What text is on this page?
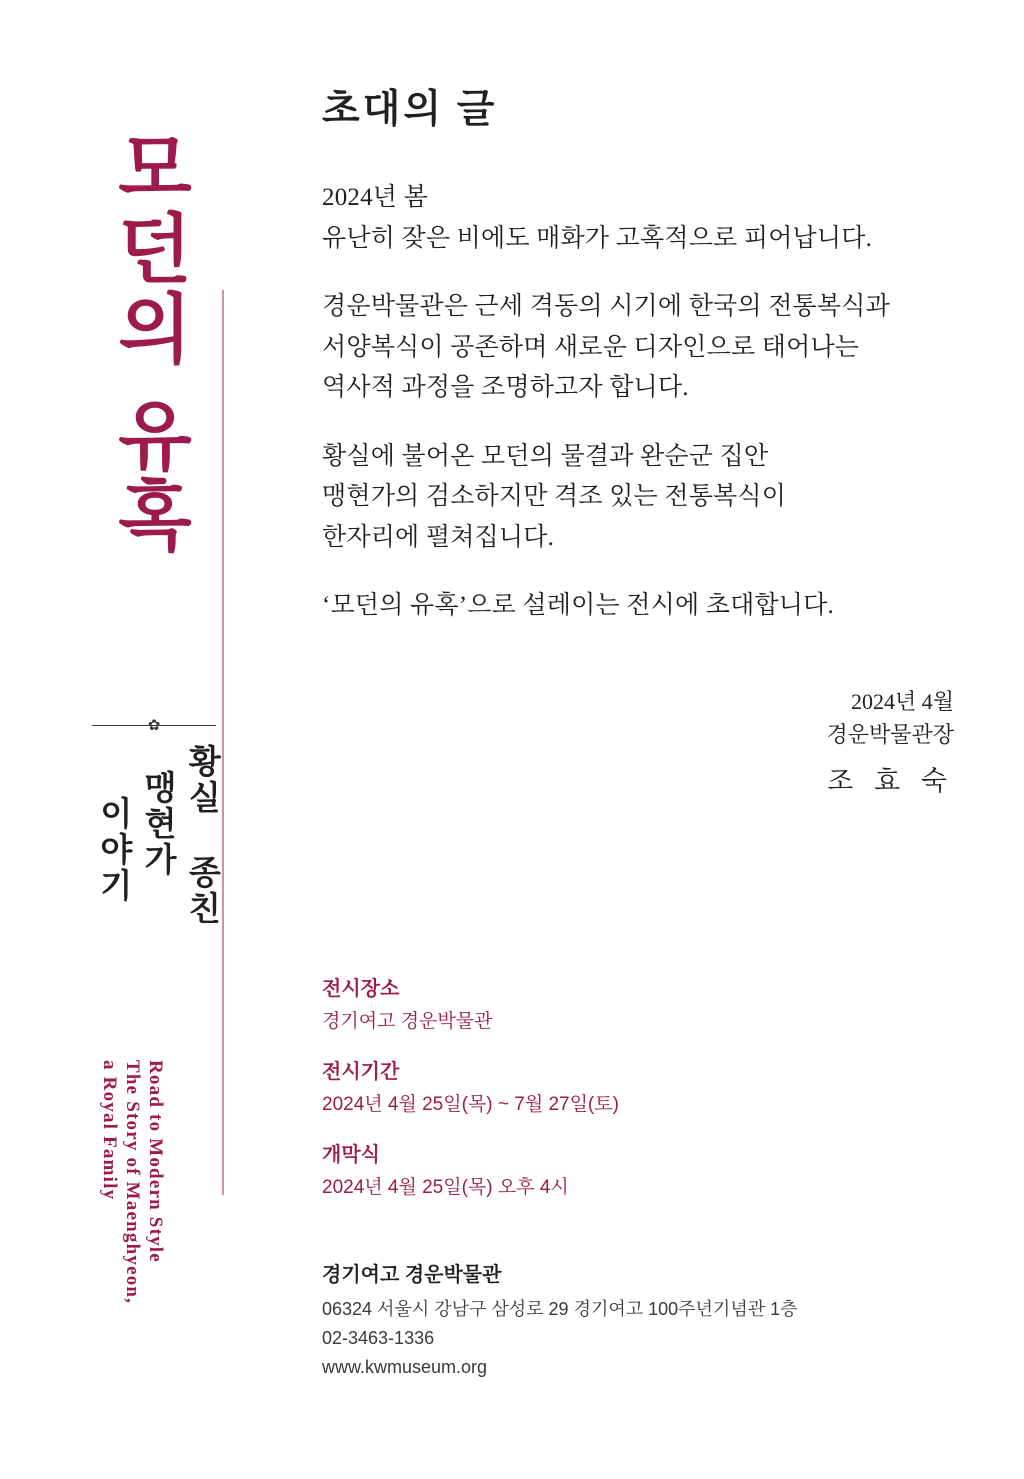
모
던
의
유
혹
✿
황실 종친
맹현가
이야기
Road to Modern Style
The Story of Maenghyeon,
a Royal Family
초대의 글

2024년 봄
유난히 잦은 비에도 매화가 고혹적으로 피어납니다.

경운박물관은 근세 격동의 시기에 한국의 전통복식과
서양복식이 공존하며 새로운 디자인으로 태어나는
역사적 과정을 조명하고자 합니다.

황실에 불어온 모던의 물결과 완순군 집안
맹현가의 검소하지만 격조 있는 전통복식이
한자리에 펼쳐집니다.

‘모던의 유혹’으로 설레이는 전시에 초대합니다.

2024년 4월
경운박물관장
조 효 숙
전시장소
경기여고 경운박물관
전시기간
2024년 4월 25일(목) ~ 7월 27일(토)
개막식
2024년 4월 25일(목) 오후 4시
경기여고 경운박물관
06324 서울시 강남구 삼성로 29 경기여고 100주년기념관 1층
02-3463-1336
www.kwmuseum.org
